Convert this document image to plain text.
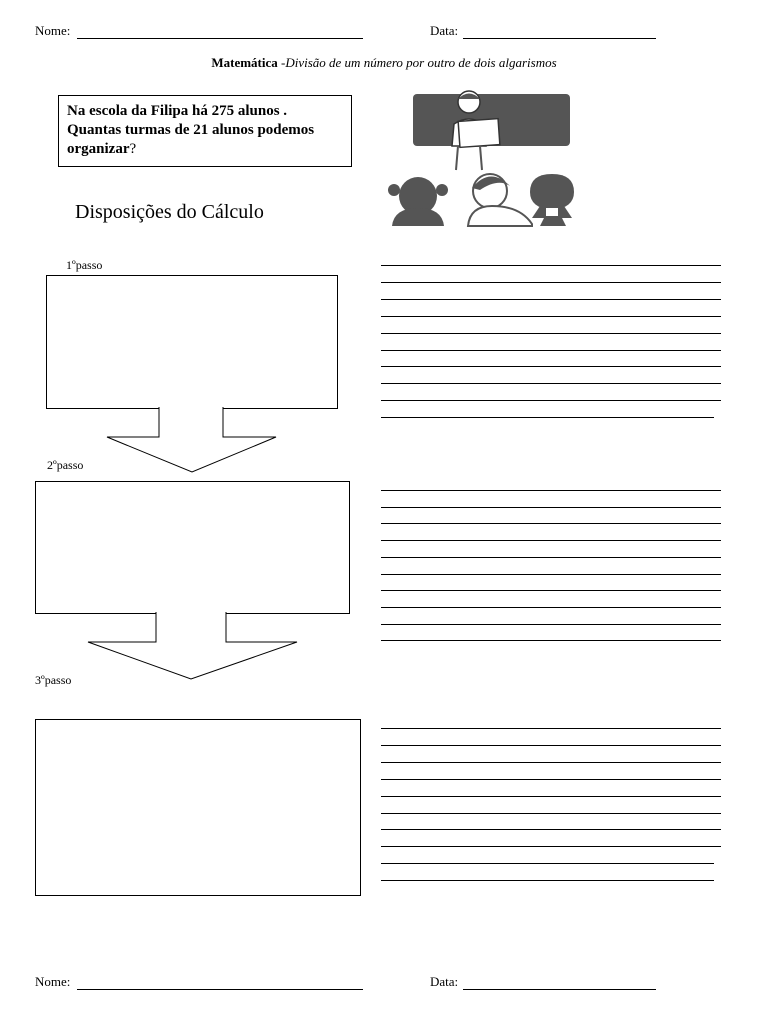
Nome:	Data:
Matemática -Divisão de um número por outro de dois algarismos
Na escola da Filipa há 275 alunos . Quantas turmas de 21 alunos podemos organizar?
Disposições do Cálculo
1ºpasso
2ºpasso
3ºpasso
Nome:	Data:
